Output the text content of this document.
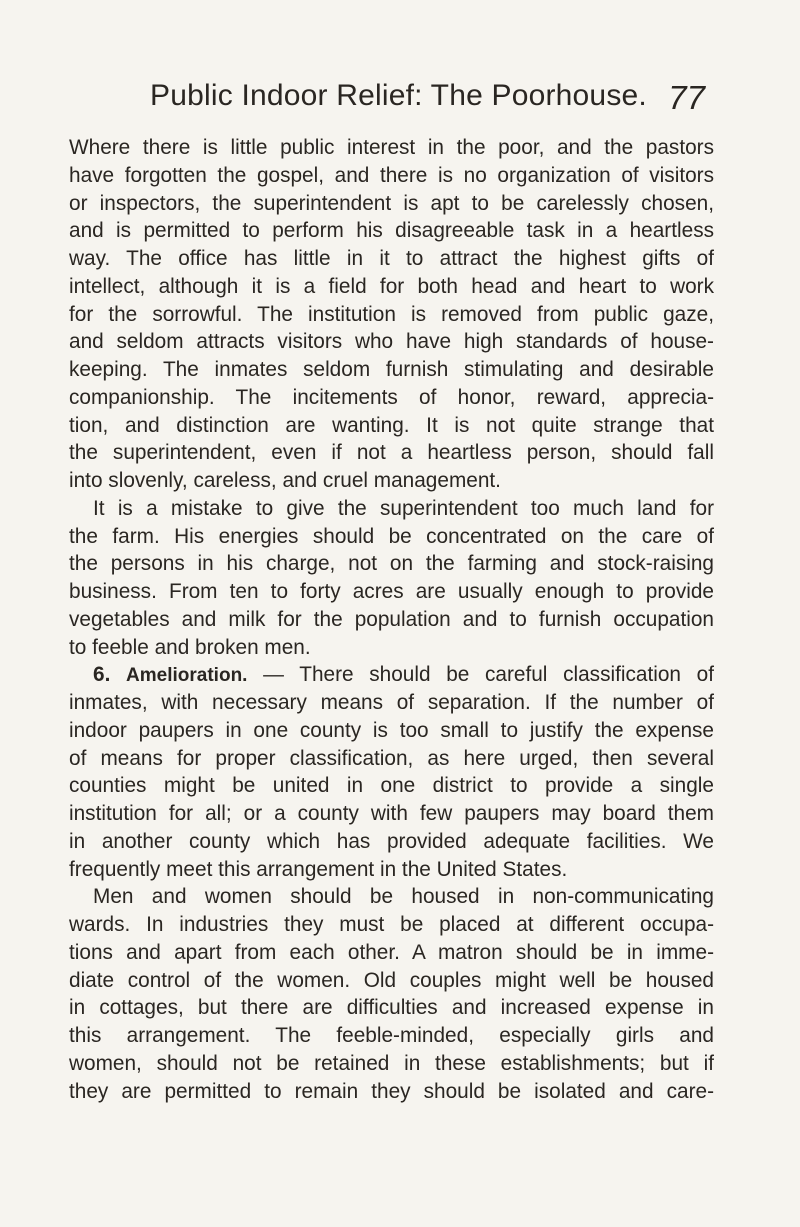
Public Indoor Relief: The Poorhouse. 77
Where there is little public interest in the poor, and the pastors
have forgotten the gospel, and there is no organization of visitors
or inspectors, the superintendent is apt to be carelessly chosen,
and is permitted to perform his disagreeable task in a heartless
way. The office has little in it to attract the highest gifts of
intellect, although it is a field for both head and heart to work
for the sorrowful. The institution is removed from public gaze,
and seldom attracts visitors who have high standards of house-
keeping. The inmates seldom furnish stimulating and desirable
companionship. The incitements of honor, reward, apprecia-
tion, and distinction are wanting. It is not quite strange that
the superintendent, even if not a heartless person, should fall
into slovenly, careless, and cruel management.
It is a mistake to give the superintendent too much land for
the farm. His energies should be concentrated on the care of
the persons in his charge, not on the farming and stock-raising
business. From ten to forty acres are usually enough to provide
vegetables and milk for the population and to furnish occupation
to feeble and broken men.
6. Amelioration. — There should be careful classification of
inmates, with necessary means of separation. If the number of
indoor paupers in one county is too small to justify the expense
of means for proper classification, as here urged, then several
counties might be united in one district to provide a single
institution for all; or a county with few paupers may board them
in another county which has provided adequate facilities. We
frequently meet this arrangement in the United States.
Men and women should be housed in non-communicating
wards. In industries they must be placed at different occupa-
tions and apart from each other. A matron should be in imme-
diate control of the women. Old couples might well be housed
in cottages, but there are difficulties and increased expense in
this arrangement. The feeble-minded, especially girls and
women, should not be retained in these establishments; but if
they are permitted to remain they should be isolated and care-
